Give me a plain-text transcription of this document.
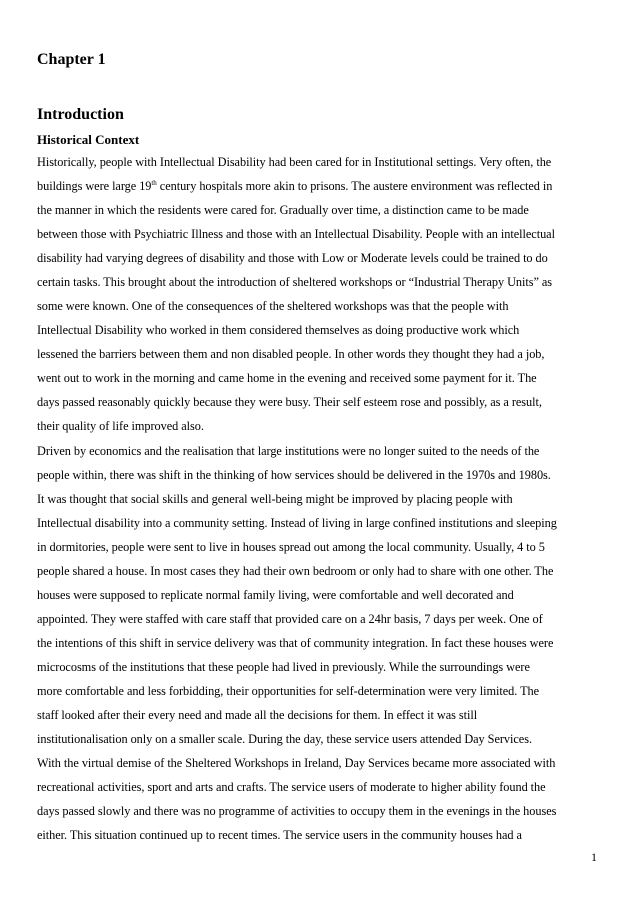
Chapter 1
Introduction
Historical Context

Historically, people with Intellectual Disability had been cared for in Institutional settings. Very often, the

buildings were large 19th century hospitals more akin to prisons. The austere environment was reflected in

the manner in which the residents were cared for. Gradually over time, a distinction came to be made

between those with Psychiatric Illness and those with an Intellectual Disability. People with an intellectual

disability had varying degrees of disability and those with Low or Moderate levels could be trained to do

certain tasks. This brought about the introduction of sheltered workshops or “Industrial Therapy Units” as

some were known. One of the consequences of the sheltered workshops was that the people with

Intellectual Disability who worked in them considered themselves as doing productive work which

lessened the barriers between them and non disabled people. In other words they thought they had a job,

went out to work in the morning and came home in the evening and received some payment for it. The

days passed reasonably quickly because they were busy. Their self esteem rose and possibly, as a result,

their quality of life improved also.

Driven by economics and the realisation that large institutions were no longer suited to the needs of the

people within, there was shift in the thinking of how services should be delivered in the 1970s and 1980s.

It was thought that social skills and general well-being might be improved by placing people with

Intellectual disability into a community setting. Instead of living in large confined institutions and sleeping

in dormitories, people were sent to live in houses spread out among the local community. Usually, 4 to 5

people shared a house. In most cases they had their own bedroom or only had to share with one other. The

houses were supposed to replicate normal family living, were comfortable and well decorated and

appointed. They were staffed with care staff that provided care on a 24hr basis, 7 days per week. One of

the intentions of this shift in service delivery was that of community integration. In fact these houses were

microcosms of the institutions that these people had lived in previously. While the surroundings were

more comfortable and less forbidding, their opportunities for self-determination were very limited. The

staff looked after their every need and made all the decisions for them. In effect it was still

institutionalisation only on a smaller scale. During the day, these service users attended Day Services.

With the virtual demise of the Sheltered Workshops in Ireland, Day Services became more associated with

recreational activities, sport and arts and crafts. The service users of moderate to higher ability found the

days passed slowly and there was no programme of activities to occupy them in the evenings in the houses

either. This situation continued up to recent times. The service users in the community houses had a

1
